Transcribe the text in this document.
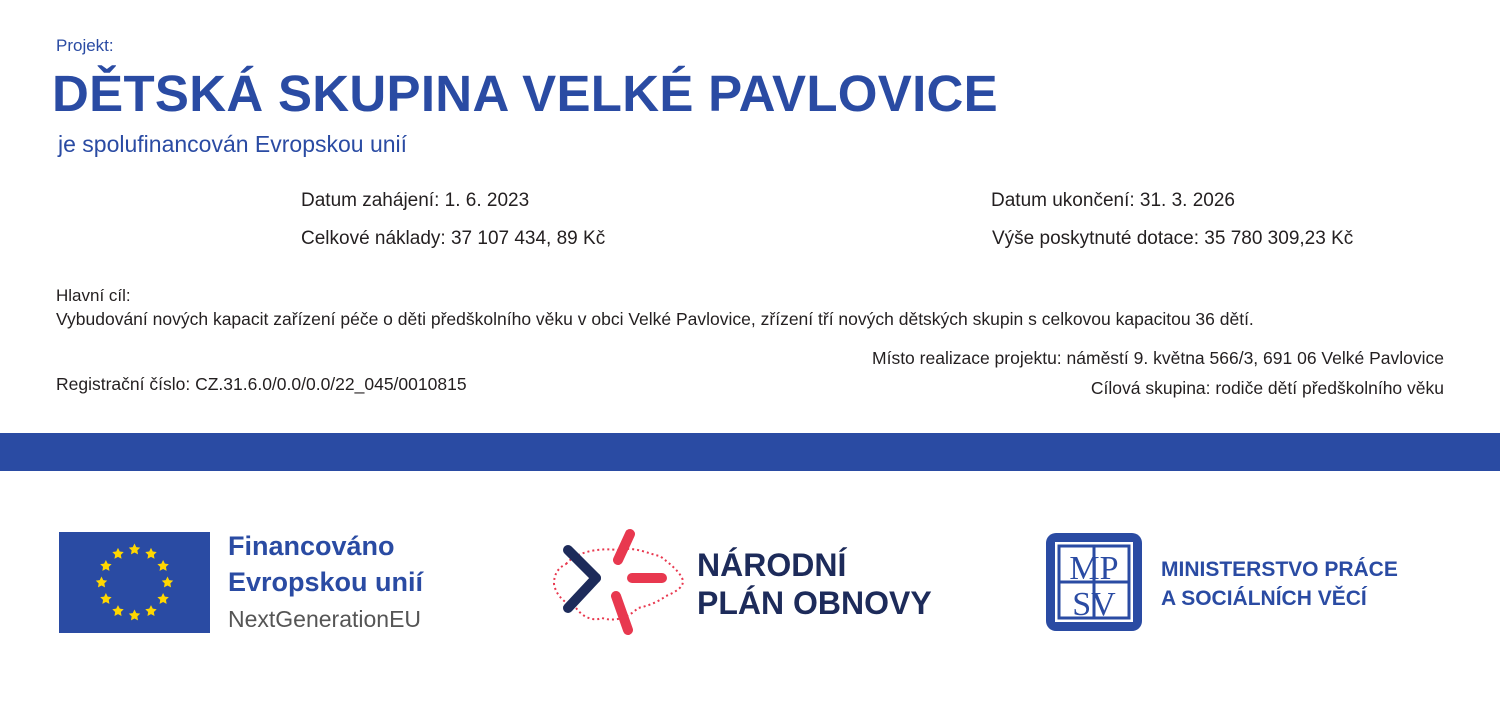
Projekt:
DĚTSKÁ SKUPINA VELKÉ PAVLOVICE
je spolufinancován Evropskou unií
Datum zahájení: 1. 6. 2023	Datum ukončení: 31. 3. 2026
Celkové náklady: 37 107 434, 89 Kč	Výše poskytnuté dotace: 35 780 309,23 Kč
Hlavní cíl:
Vybudování nových kapacit zařízení péče o děti předškolního věku v obci Velké Pavlovice, zřízení tří nových dětských skupin s celkovou kapacitou 36 dětí.
Místo realizace projektu: náměstí 9. května 566/3, 691 06 Velké Pavlovice
Registrační číslo: CZ.31.6.0/0.0/0.0/22_045/0010815	Cílová skupina: rodiče dětí předškolního věku
Financováno
Evropskou unií
NextGenerationEU
NÁRODNÍ
PLÁN OBNOVY
MP
SV
MINISTERSTVO PRÁCE
A SOCIÁLNÍCH VĚCÍ
